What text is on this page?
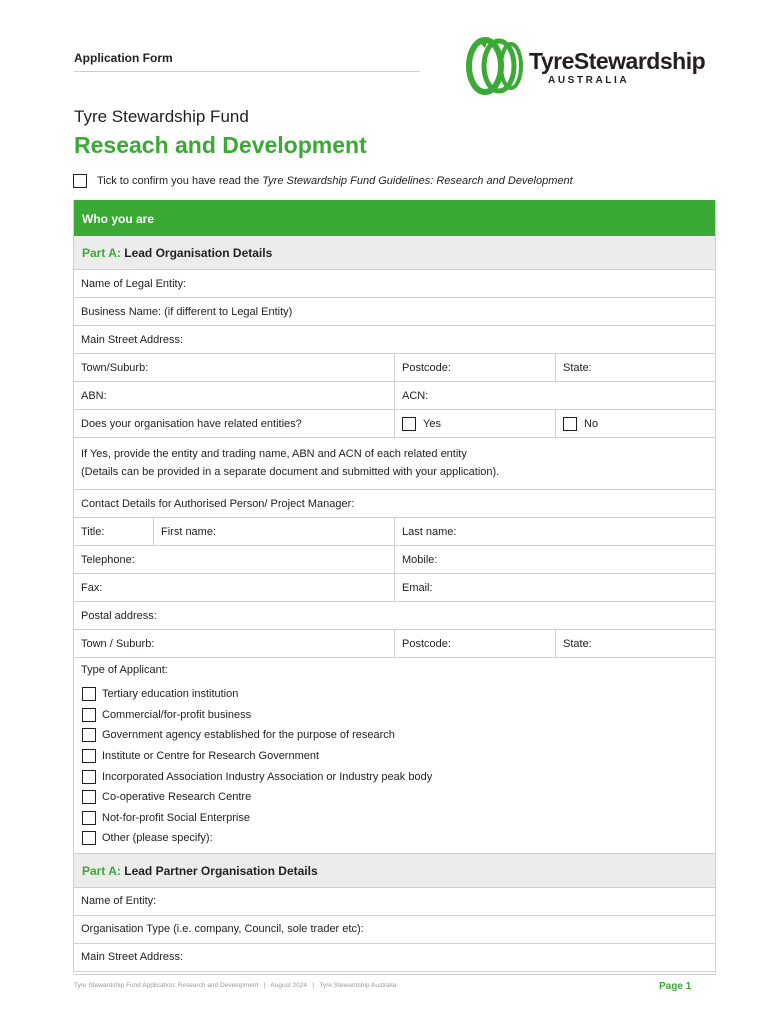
Application Form	TyreStewardship
AUSTRALIA
Tyre Stewardship Fund
Reseach and Development
Tick to confirm you have read the Tyre Stewardship Fund Guidelines: Research and Development
Who you are
Part A: Lead Organisation Details
Name of Legal Entity:
Business Name: (if different to Legal Entity)
Main Street Address:
Town/Suburb:	Postcode:	State:
ABN:	ACN:
Does your organisation have related entities?	Yes	No
If Yes, provide the entity and trading name, ABN and ACN of each related entity
(Details can be provided in a separate document and submitted with your application).
Contact Details for Authorised Person/ Project Manager:
Title:	First name:	Last name:
Telephone:	Mobile:
Fax:	Email:
Postal address:
Town / Suburb:	Postcode:	State:
Type of Applicant:
Tertiary education institution
Commercial/for-profit business
Government agency established for the purpose of research
Institute or Centre for Research Government
Incorporated Association Industry Association or Industry peak body
Co-operative Research Centre
Not-for-profit Social Enterprise
Other (please specify):
Part A: Lead Partner Organisation Details
Name of Entity:
Organisation Type (i.e. company, Council, sole trader etc):
Main Street Address:
Tyre Stewardship Fund Application: Research and Development   |   August 2024   |   Tyre Stewardship Australia	Page 1
